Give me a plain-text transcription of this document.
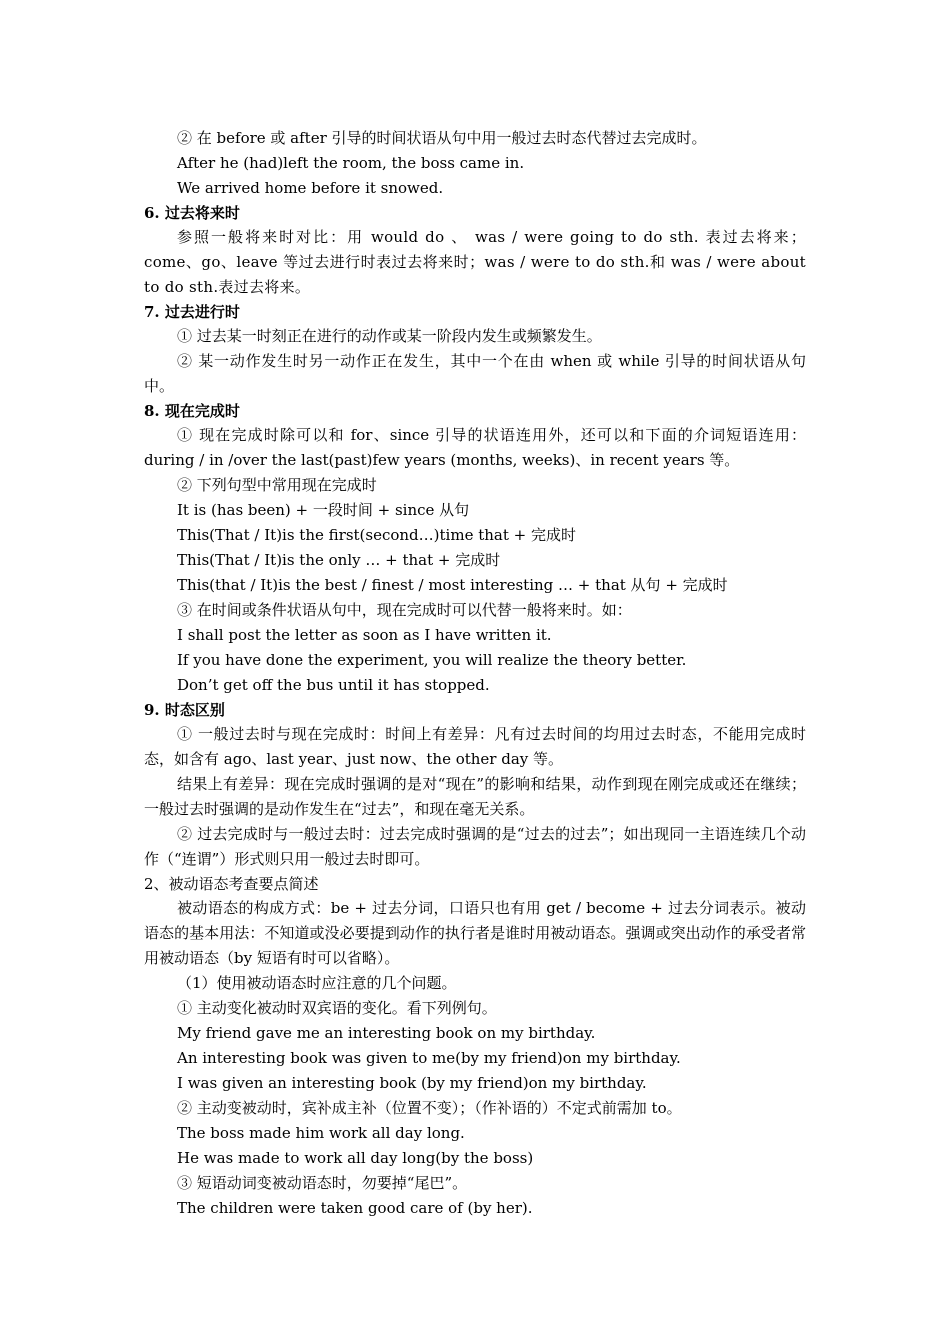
② 在 before 或 after 引导的时间状语从句中用一般过去时态代替过去完成时。

After he (had)left the room, the boss came in.

We arrived home before it snowed.

6. 过去将来时

参照一般将来时对比：用 would do 、 was / were going to do sth. 表过去将来；come、go、leave 等过去进行时表过去将来时；was / were to do sth.和 was / were about to do sth.表过去将来。

7. 过去进行时

① 过去某一时刻正在进行的动作或某一阶段内发生或频繁发生。

② 某一动作发生时另一动作正在发生，其中一个在由 when 或 while 引导的时间状语从句中。

8. 现在完成时

① 现在完成时除可以和 for、since 引导的状语连用外，还可以和下面的介词短语连用：during / in /over the last(past)few years (months, weeks)、in recent years 等。

② 下列句型中常用现在完成时

It is (has been) + 一段时间 + since 从句

This(That / It)is the first(second…)time that + 完成时

This(That / It)is the only … + that + 完成时

This(that / It)is the best / finest / most interesting … + that 从句 + 完成时

③ 在时间或条件状语从句中，现在完成时可以代替一般将来时。如：

I shall post the letter as soon as I have written it.

If you have done the experiment, you will realize the theory better.

Don’t get off the bus until it has stopped.

9. 时态区别

① 一般过去时与现在完成时：时间上有差异：凡有过去时间的均用过去时态，不能用完成时态，如含有 ago、last year、just now、the other day 等。

结果上有差异：现在完成时强调的是对“现在”的影响和结果，动作到现在刚完成或还在继续；一般过去时强调的是动作发生在“过去”，和现在毫无关系。

② 过去完成时与一般过去时：过去完成时强调的是“过去的过去”；如出现同一主语连续几个动作（“连谓”）形式则只用一般过去时即可。

2、被动语态考查要点简述

被动语态的构成方式：be + 过去分词，口语只也有用 get / become + 过去分词表示。被动语态的基本用法：不知道或没必要提到动作的执行者是谁时用被动语态。强调或突出动作的承受者常用被动语态（by 短语有时可以省略）。

（1）使用被动语态时应注意的几个问题。

① 主动变化被动时双宾语的变化。看下列例句。

My friend gave me an interesting book on my birthday.

An interesting book was given to me(by my friend)on my birthday.

I was given an interesting book (by my friend)on my birthday.

② 主动变被动时，宾补成主补（位置不变）；（作补语的）不定式前需加 to。

The boss made him work all day long.

He was made to work all day long(by the boss)

③ 短语动词变被动语态时，勿要掉“尾巴”。

The children were taken good care of (by her).
